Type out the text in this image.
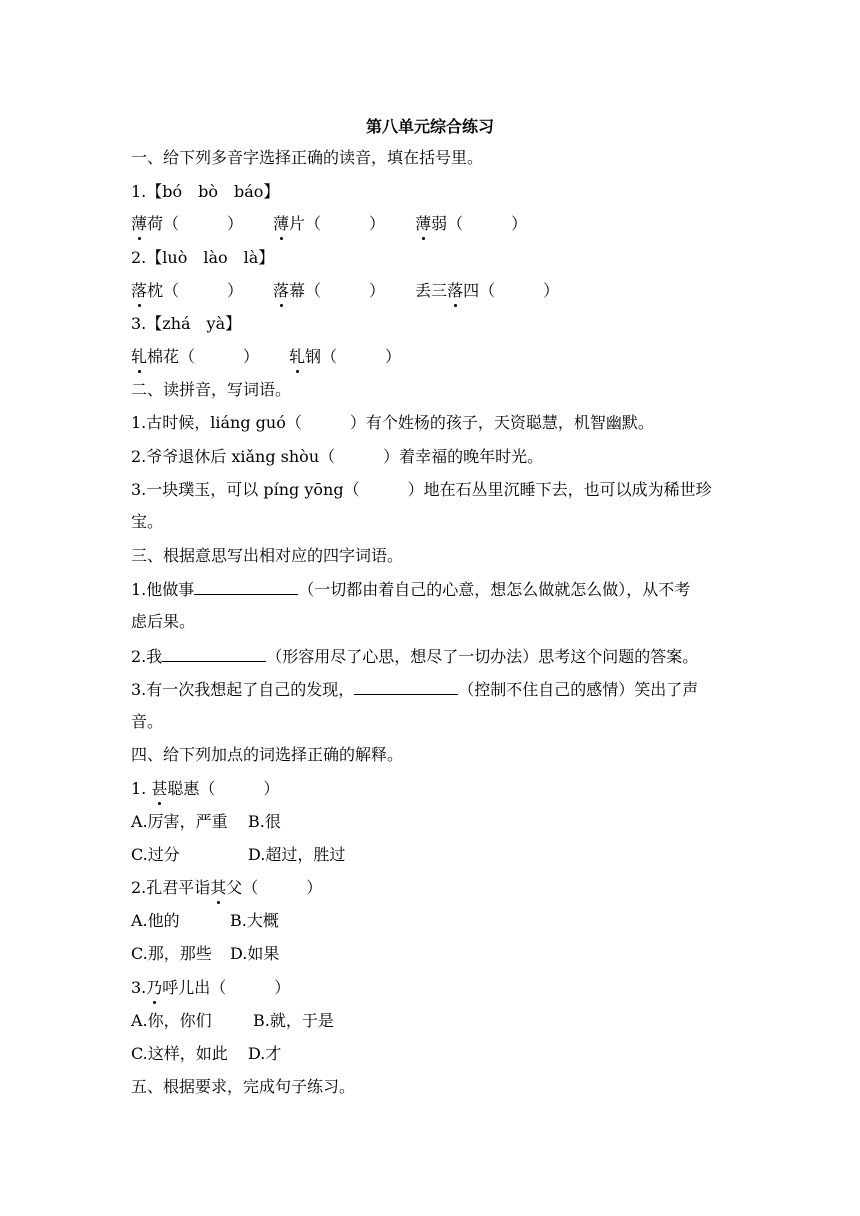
第八单元综合练习
一、给下列多音字选择正确的读音，填在括号里。
1.【bó　bò　báo】
薄荷（　　　） 薄片（　　　） 薄弱（　　　）
2.【luò　lào　là】
落枕（　　　） 落幕（　　　） 丢三落四（　　　）
3.【zhá　yà】
轧棉花（　　　） 轧钢（　　　）
二、读拼音，写词语。
1.古时候，liáng guó（　　　）有个姓杨的孩子，天资聪慧，机智幽默。
2.爷爷退休后 xiǎng shòu（　　　）着幸福的晚年时光。
3.一块璞玉，可以 píng yōng（　　　）地在石丛里沉睡下去，也可以成为稀世珍
宝。
三、根据意思写出相对应的四字词语。
1.他做事	（一切都由着自己的心意，想怎么做就怎么做），从不考
虑后果。
2.我	（形容用尽了心思，想尽了一切办法）思考这个问题的答案。
3.有一次我想起了自己的发现，	（控制不住自己的感情）笑出了声
音。
四、给下列加点的词选择正确的解释。
1. 甚聪惠（　　　）
A.厉害，严重 B.很
C.过分	D.超过，胜过
2.孔君平诣其父（　　　）
A.他的	B.大概
C.那，那些 D.如果
3.乃呼儿出（　　　）
A.你，你们	B.就，于是
C.这样，如此 D.才
五、根据要求，完成句子练习。
